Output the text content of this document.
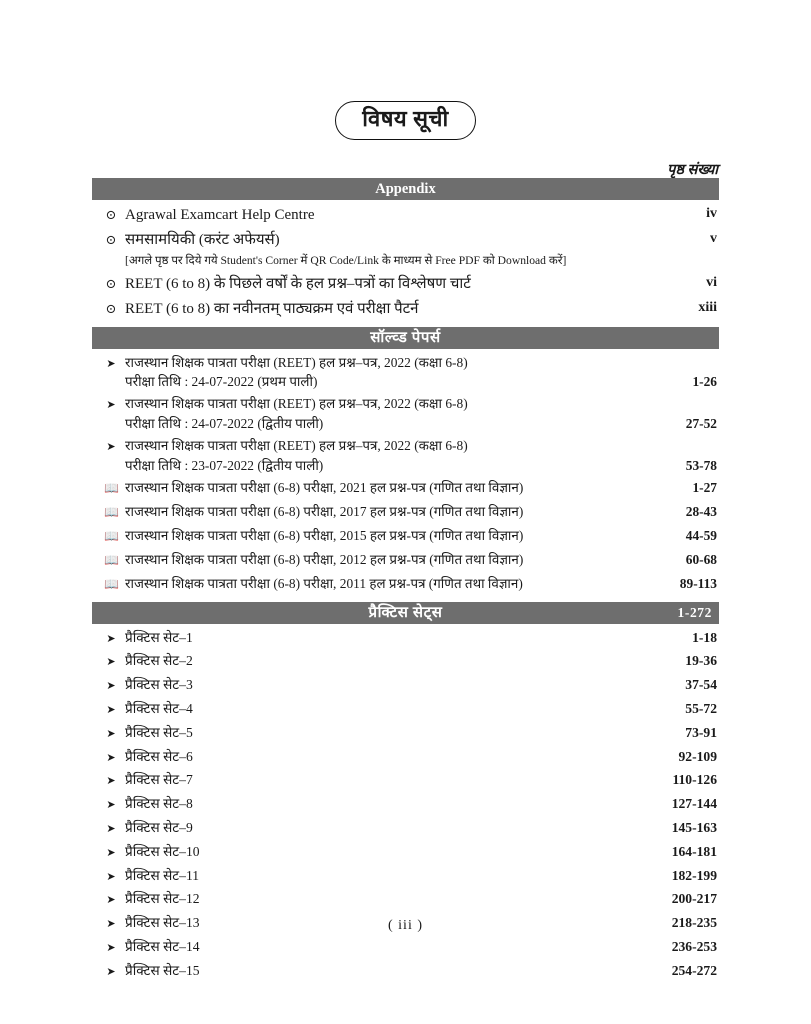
विषय सूची
पृष्ठ संख्या
Appendix
⊙ Agrawal Examcart Help Centre	iv
⊙ समसामयिकी (करंट अफेयर्स)	v
[अगले पृष्ठ पर दिये गये Student's Corner में QR Code/Link के माध्यम से Free PDF को Download करें]
⊙ REET (6 to 8) के पिछले वर्षों के हल प्रश्न–पत्रों का विश्लेषण चार्ट	vi
⊙ REET (6 to 8) का नवीनतम् पाठ्यक्रम एवं परीक्षा पैटर्न	xiii
सॉल्व्ड पेपर्स
➤ राजस्थान शिक्षक पात्रता परीक्षा (REET) हल प्रश्न–पत्र, 2022 (कक्षा 6-8)
परीक्षा तिथि : 24-07-2022 (प्रथम पाली)	1-26
➤ राजस्थान शिक्षक पात्रता परीक्षा (REET) हल प्रश्न–पत्र, 2022 (कक्षा 6-8)
परीक्षा तिथि : 24-07-2022 (द्वितीय पाली)	27-52
➤ राजस्थान शिक्षक पात्रता परीक्षा (REET) हल प्रश्न–पत्र, 2022 (कक्षा 6-8)
परीक्षा तिथि : 23-07-2022 (द्वितीय पाली)	53-78
📖 राजस्थान शिक्षक पात्रता परीक्षा (6-8) परीक्षा, 2021 हल प्रश्न-पत्र (गणित तथा विज्ञान)	1-27
📖 राजस्थान शिक्षक पात्रता परीक्षा (6-8) परीक्षा, 2017 हल प्रश्न-पत्र (गणित तथा विज्ञान)	28-43
📖 राजस्थान शिक्षक पात्रता परीक्षा (6-8) परीक्षा, 2015 हल प्रश्न-पत्र (गणित तथा विज्ञान)	44-59
📖 राजस्थान शिक्षक पात्रता परीक्षा (6-8) परीक्षा, 2012 हल प्रश्न-पत्र (गणित तथा विज्ञान)	60-68
📖 राजस्थान शिक्षक पात्रता परीक्षा (6-8) परीक्षा, 2011 हल प्रश्न-पत्र (गणित तथा विज्ञान)	89-113
प्रैक्टिस सेट्स	1-272
➤ प्रैक्टिस सेट–1	1-18
➤ प्रैक्टिस सेट–2	19-36
➤ प्रैक्टिस सेट–3	37-54
➤ प्रैक्टिस सेट–4	55-72
➤ प्रैक्टिस सेट–5	73-91
➤ प्रैक्टिस सेट–6	92-109
➤ प्रैक्टिस सेट–7	110-126
➤ प्रैक्टिस सेट–8	127-144
➤ प्रैक्टिस सेट–9	145-163
➤ प्रैक्टिस सेट–10	164-181
➤ प्रैक्टिस सेट–11	182-199
➤ प्रैक्टिस सेट–12	200-217
➤ प्रैक्टिस सेट–13	218-235
➤ प्रैक्टिस सेट–14	236-253
➤ प्रैक्टिस सेट–15	254-272
( iii )
